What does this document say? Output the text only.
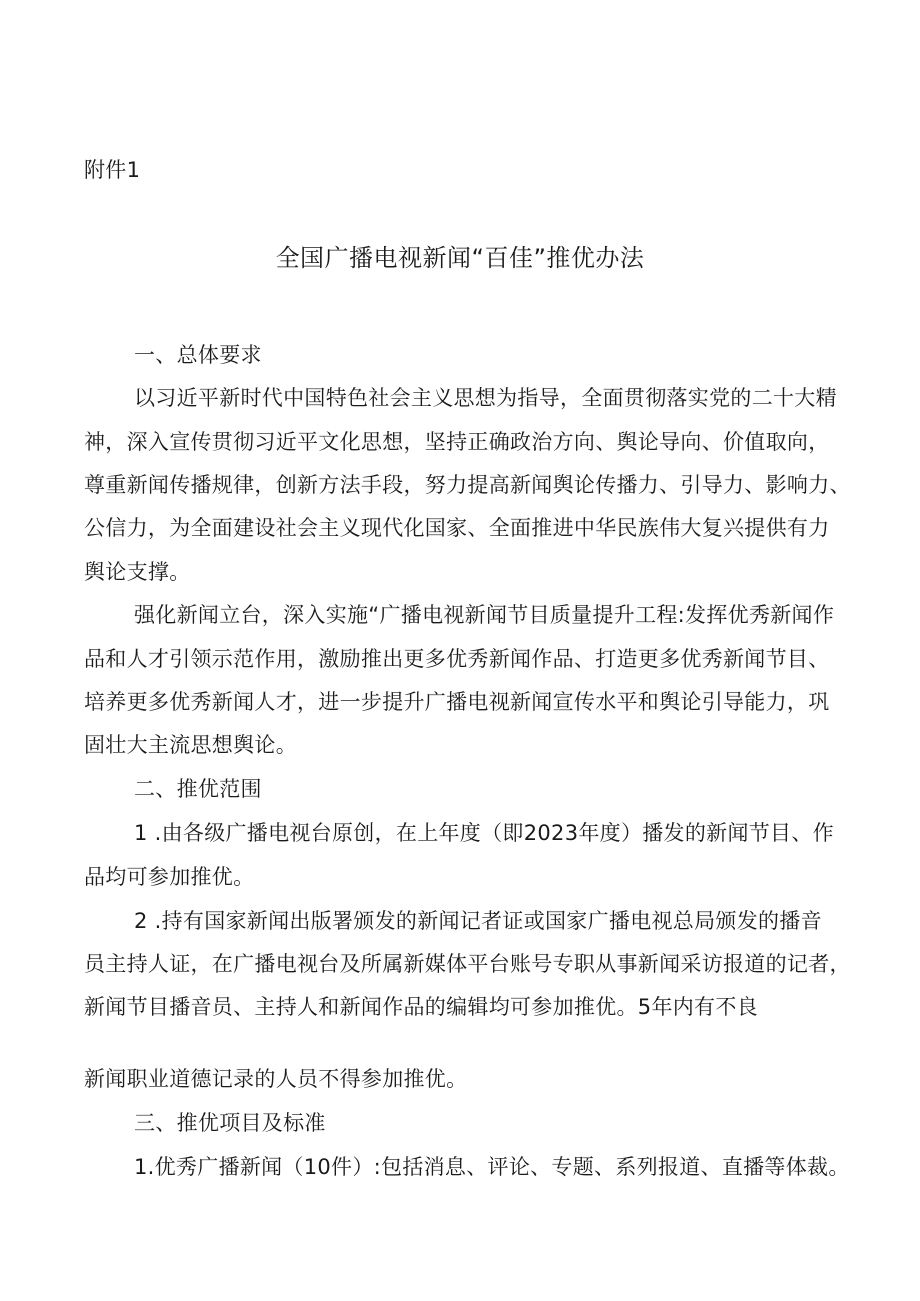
附件1
全国广播电视新闻“百佳”推优办法
一、总体要求
以习近平新时代中国特色社会主义思想为指导，全面贯彻落实党的二十大精
神，深入宣传贯彻习近平文化思想，坚持正确政治方向、舆论导向、价值取向，
尊重新闻传播规律，创新方法手段，努力提高新闻舆论传播力、引导力、影响力、
公信力，为全面建设社会主义现代化国家、全面推进中华民族伟大复兴提供有力
舆论支撑。
强化新闻立台，深入实施“广播电视新闻节目质量提升工程:发挥优秀新闻作
品和人才引领示范作用，激励推出更多优秀新闻作品、打造更多优秀新闻节目、
培养更多优秀新闻人才，进一步提升广播电视新闻宣传水平和舆论引导能力，巩
固壮大主流思想舆论。
二、推优范围
1 .由各级广播电视台原创，在上年度（即2023年度）播发的新闻节目、作
品均可参加推优。
2 .持有国家新闻出版署颁发的新闻记者证或国家广播电视总局颁发的播音
员主持人证，在广播电视台及所属新媒体平台账号专职从事新闻采访报道的记者，
新闻节目播音员、主持人和新闻作品的编辑均可参加推优。5年内有不良
新闻职业道德记录的人员不得参加推优。
三、推优项目及标准
1.优秀广播新闻（10件）:包括消息、评论、专题、系列报道、直播等体裁。
